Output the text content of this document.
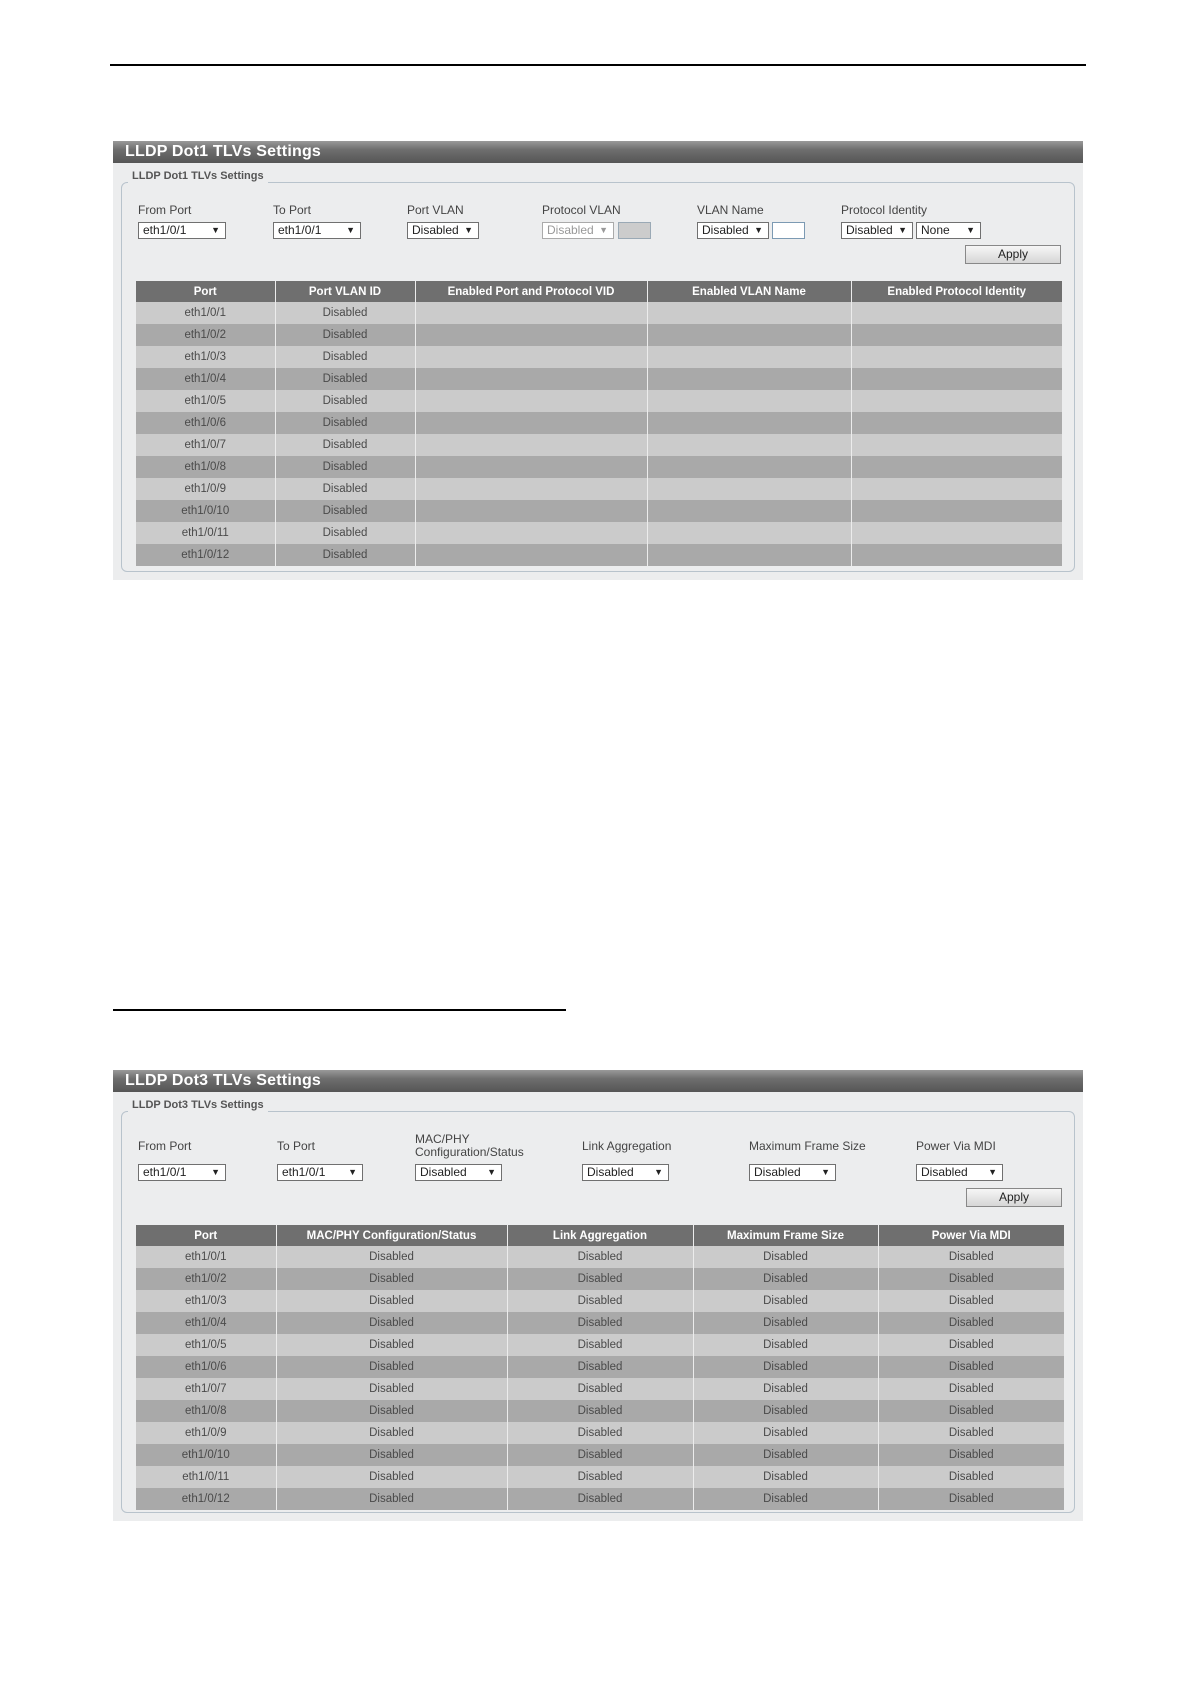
LLDP Dot1 TLVs Settings
LLDP Dot1 TLVs Settings
From Port
eth1/0/1	▼
To Port
eth1/0/1	▼
Port VLAN
Disabled ▼
Protocol VLAN
Disabled ▼
VLAN Name
Disabled ▼
Protocol Identity
Disabled ▼	None ▼
Apply
Port	Port VLAN ID	Enabled Port and Protocol VID	Enabled VLAN Name	Enabled Protocol Identity
eth1/0/1	Disabled			
eth1/0/2	Disabled			
eth1/0/3	Disabled			
eth1/0/4	Disabled			
eth1/0/5	Disabled			
eth1/0/6	Disabled			
eth1/0/7	Disabled			
eth1/0/8	Disabled			
eth1/0/9	Disabled			
eth1/0/10	Disabled			
eth1/0/11	Disabled			
eth1/0/12	Disabled			
LLDP Dot3 TLVs Settings
LLDP Dot3 TLVs Settings
From Port
eth1/0/1	▼
To Port
eth1/0/1	▼
MAC/PHY
Configuration/Status
Disabled ▼
Link Aggregation
Disabled ▼
Maximum Frame Size
Disabled ▼
Power Via MDI
Disabled ▼
Apply
Port	MAC/PHY Configuration/Status	Link Aggregation	Maximum Frame Size	Power Via MDI
eth1/0/1	Disabled	Disabled	Disabled	Disabled
eth1/0/2	Disabled	Disabled	Disabled	Disabled
eth1/0/3	Disabled	Disabled	Disabled	Disabled
eth1/0/4	Disabled	Disabled	Disabled	Disabled
eth1/0/5	Disabled	Disabled	Disabled	Disabled
eth1/0/6	Disabled	Disabled	Disabled	Disabled
eth1/0/7	Disabled	Disabled	Disabled	Disabled
eth1/0/8	Disabled	Disabled	Disabled	Disabled
eth1/0/9	Disabled	Disabled	Disabled	Disabled
eth1/0/10	Disabled	Disabled	Disabled	Disabled
eth1/0/11	Disabled	Disabled	Disabled	Disabled
eth1/0/12	Disabled	Disabled	Disabled	Disabled
